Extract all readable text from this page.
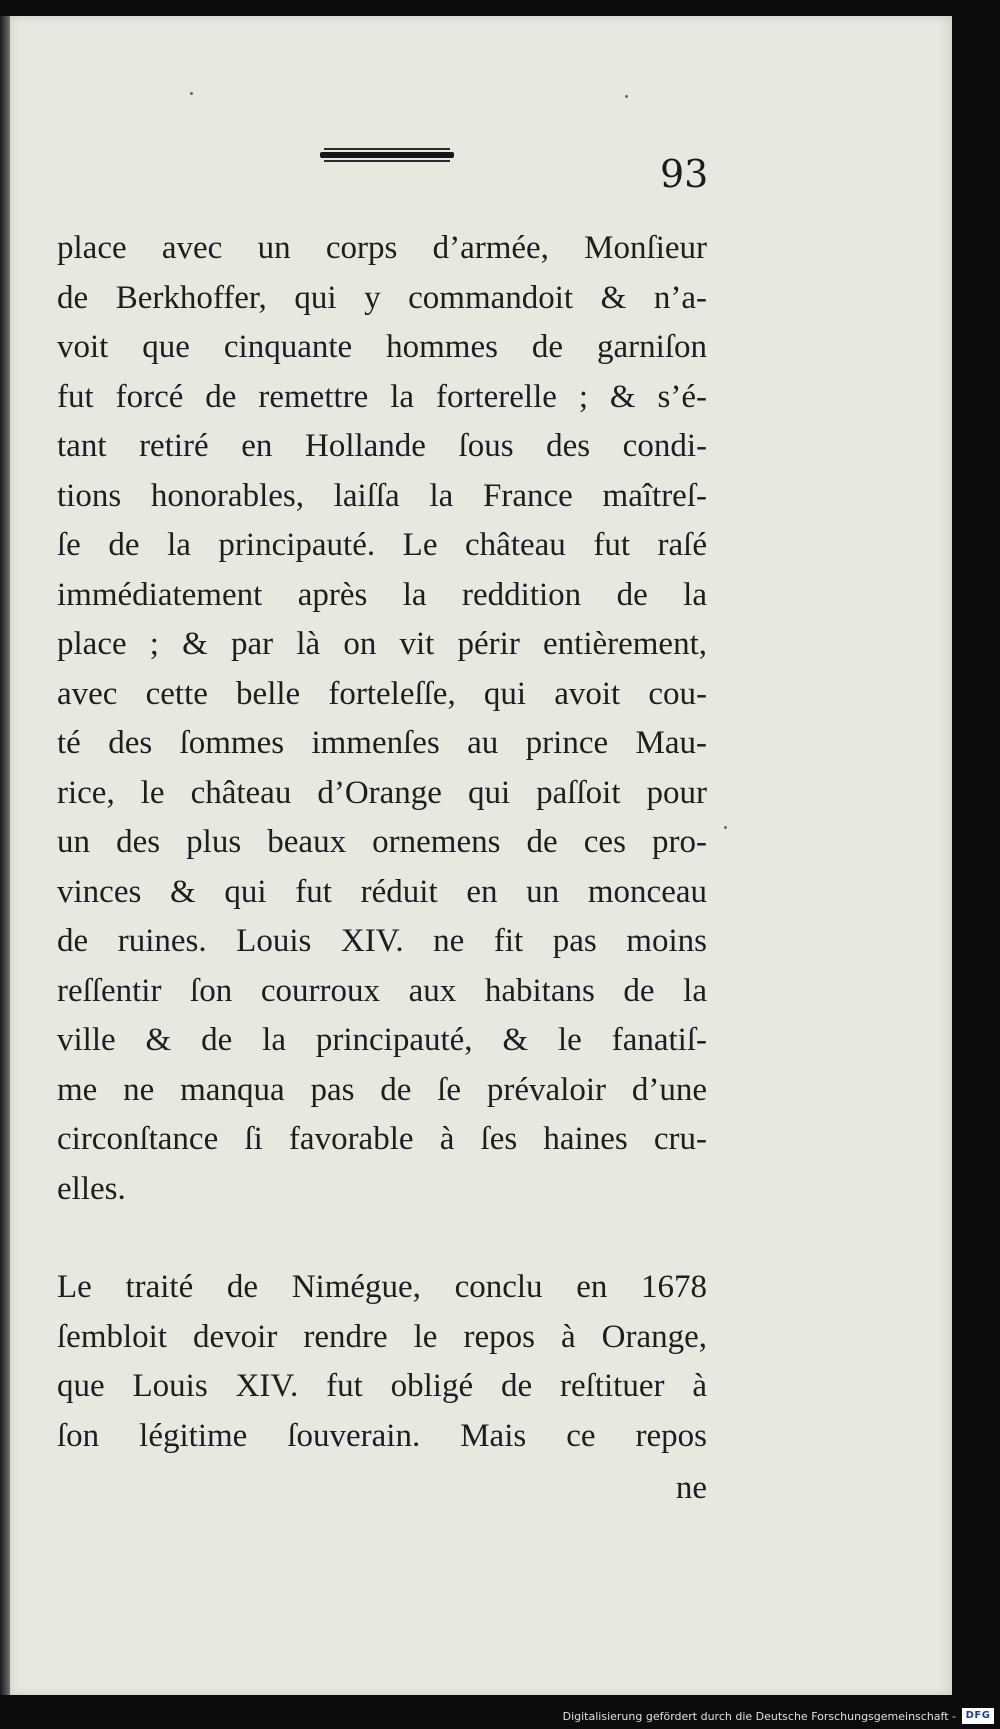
93
place avec un corps d’armée, Monſieur
de Berkhoffer, qui y commandoit & n’a-
voit que cinquante hommes de garniſon
fut forcé de remettre la forterelle ; & s’é-
tant retiré en Hollande ſous des condi-
tions honorables, laiſſa la France maîtreſ-
ſe de la principauté. Le château fut raſé
immédiatement après la reddition de la
place ; & par là on vit périr entièrement,
avec cette belle forteleſſe, qui avoit cou-
té des ſommes immenſes au prince Mau-
rice, le château d’Orange qui paſſoit pour
un des plus beaux ornemens de ces pro-
vinces & qui fut réduit en un monceau
de ruines. Louis XIV. ne fit pas moins
reſſentir ſon courroux aux habitans de la
ville & de la principauté, & le fanatiſ-
me ne manqua pas de ſe prévaloir d’une
circonſtance ſi favorable à ſes haines cru-
elles.
Le traité de Nimégue, conclu en 1678
ſembloit devoir rendre le repos à Orange,
que Louis XIV. fut obligé de reſtituer à
ſon légitime ſouverain. Mais ce repos
ne
Digitalisierung gefördert durch die Deutsche Forschungsgemeinschaft - DFG
